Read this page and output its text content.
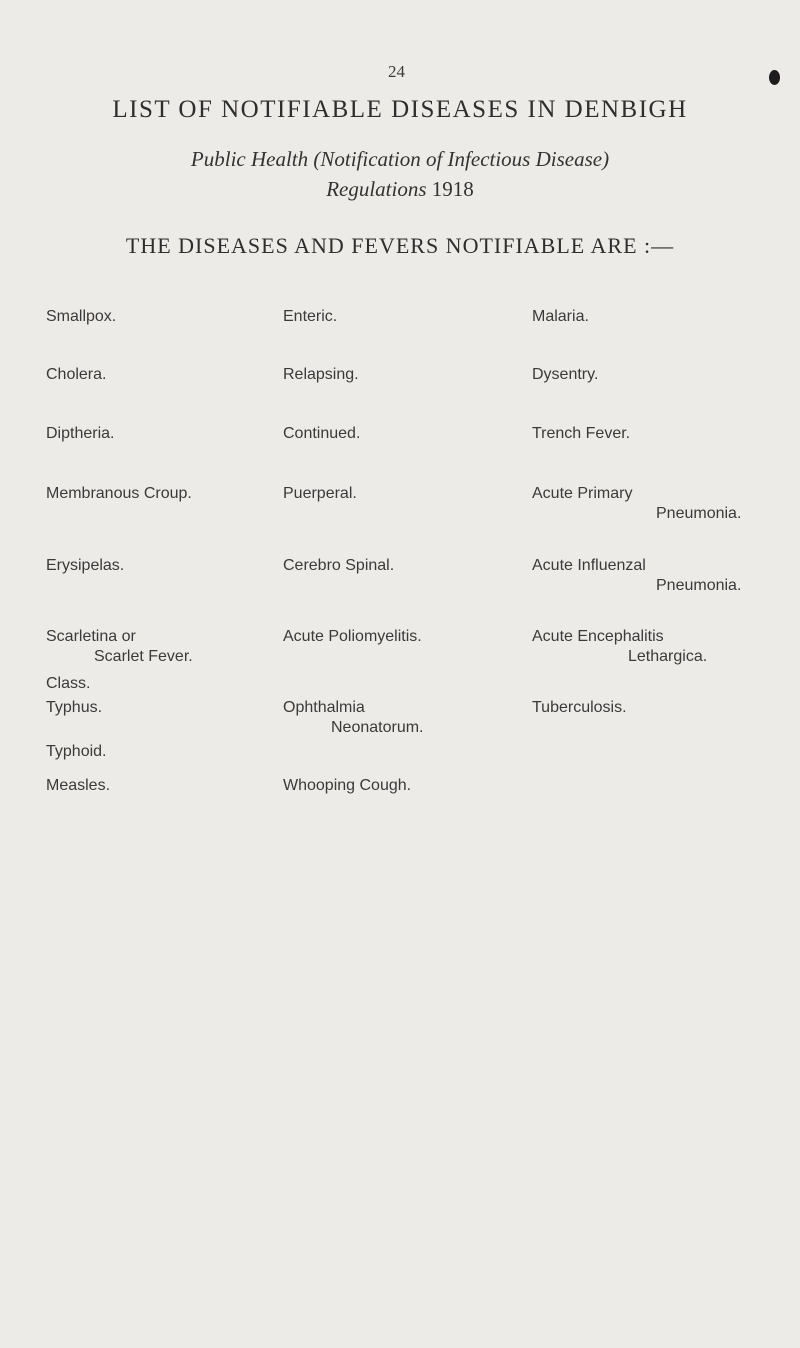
24
LIST OF NOTIFIABLE DISEASES IN DENBIGH
Public Health (Notification of Infectious Disease)
Regulations 1918
THE DISEASES AND FEVERS NOTIFIABLE ARE :—
Smallpox.
Cholera.
Diptheria.
Membranous Croup.
Erysipelas.
Scarletina or
Scarlet Fever.
Class.
Typhus.
Typhoid.
Measles.
Enteric.
Relapsing.
Continued.
Puerperal.
Cerebro Spinal.
Acute Poliomyelitis.
Ophthalmia
Neonatorum.
Whooping Cough.
Malaria.
Dysentry.
Trench Fever.
Acute Primary
Pneumonia.
Acute Influenzal
Pneumonia.
Acute Encephalitis
Lethargica.
Tuberculosis.
